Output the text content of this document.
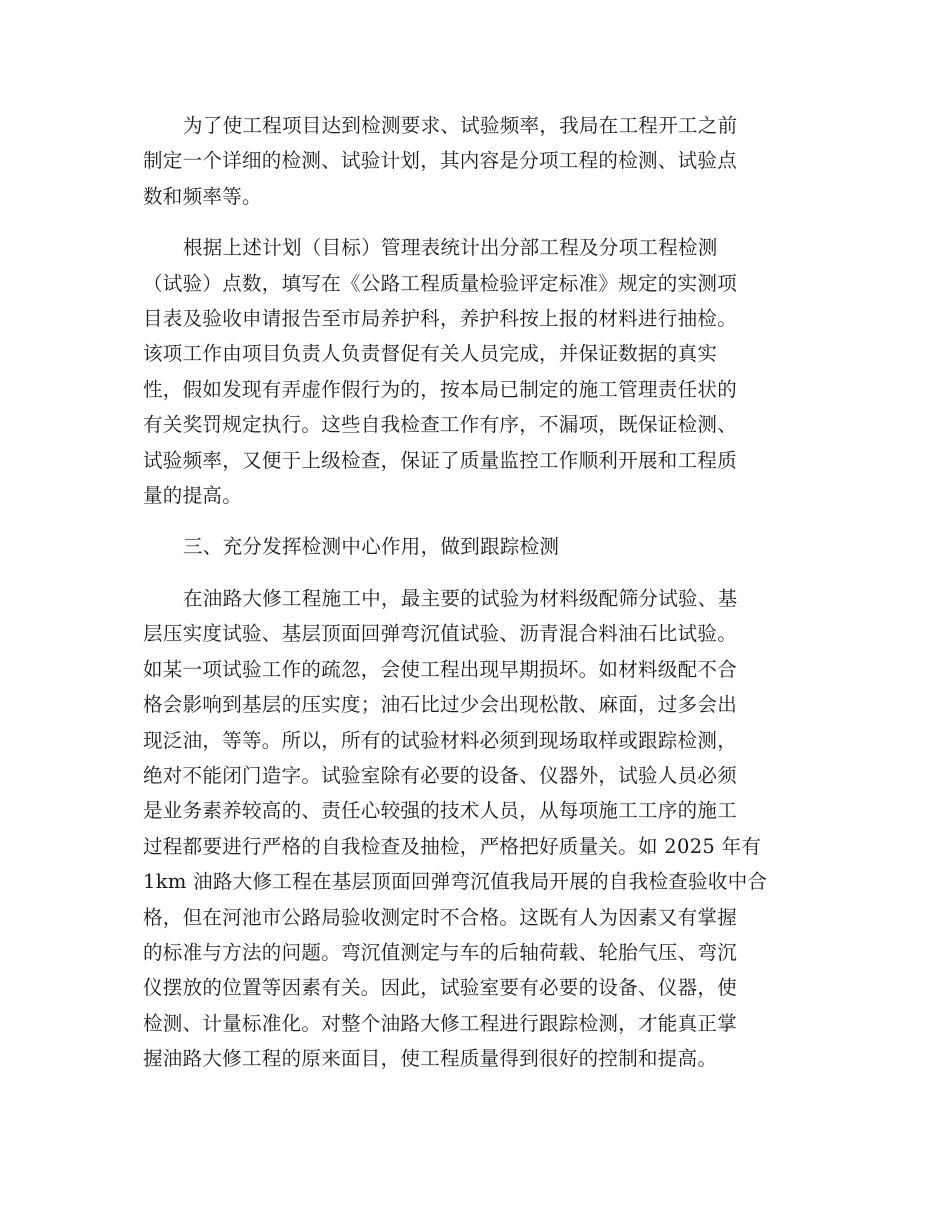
为了使工程项目达到检测要求、试验频率，我局在工程开工之前
制定一个详细的检测、试验计划，其内容是分项工程的检测、试验点
数和频率等。

根据上述计划（目标）管理表统计出分部工程及分项工程检测
（试验）点数，填写在《公路工程质量检验评定标准》规定的实测项
目表及验收申请报告至市局养护科，养护科按上报的材料进行抽检。
该项工作由项目负责人负责督促有关人员完成，并保证数据的真实
性，假如发现有弄虚作假行为的，按本局已制定的施工管理责任状的
有关奖罚规定执行。这些自我检查工作有序，不漏项，既保证检测、
试验频率，又便于上级检查，保证了质量监控工作顺利开展和工程质
量的提高。

三、充分发挥检测中心作用，做到跟踪检测

在油路大修工程施工中，最主要的试验为材料级配筛分试验、基
层压实度试验、基层顶面回弹弯沉值试验、沥青混合料油石比试验。
如某一项试验工作的疏忽，会使工程出现早期损坏。如材料级配不合
格会影响到基层的压实度；油石比过少会出现松散、麻面，过多会出
现泛油，等等。所以，所有的试验材料必须到现场取样或跟踪检测，
绝对不能闭门造字。试验室除有必要的设备、仪器外，试验人员必须
是业务素养较高的、责任心较强的技术人员，从每项施工工序的施工
过程都要进行严格的自我检查及抽检，严格把好质量关。如 2025 年有
1km 油路大修工程在基层顶面回弹弯沉值我局开展的自我检查验收中合
格，但在河池市公路局验收测定时不合格。这既有人为因素又有掌握
的标准与方法的问题。弯沉值测定与车的后轴荷载、轮胎气压、弯沉
仪摆放的位置等因素有关。因此，试验室要有必要的设备、仪器，使
检测、计量标准化。对整个油路大修工程进行跟踪检测，才能真正掌
握油路大修工程的原来面目，使工程质量得到很好的控制和提高。
